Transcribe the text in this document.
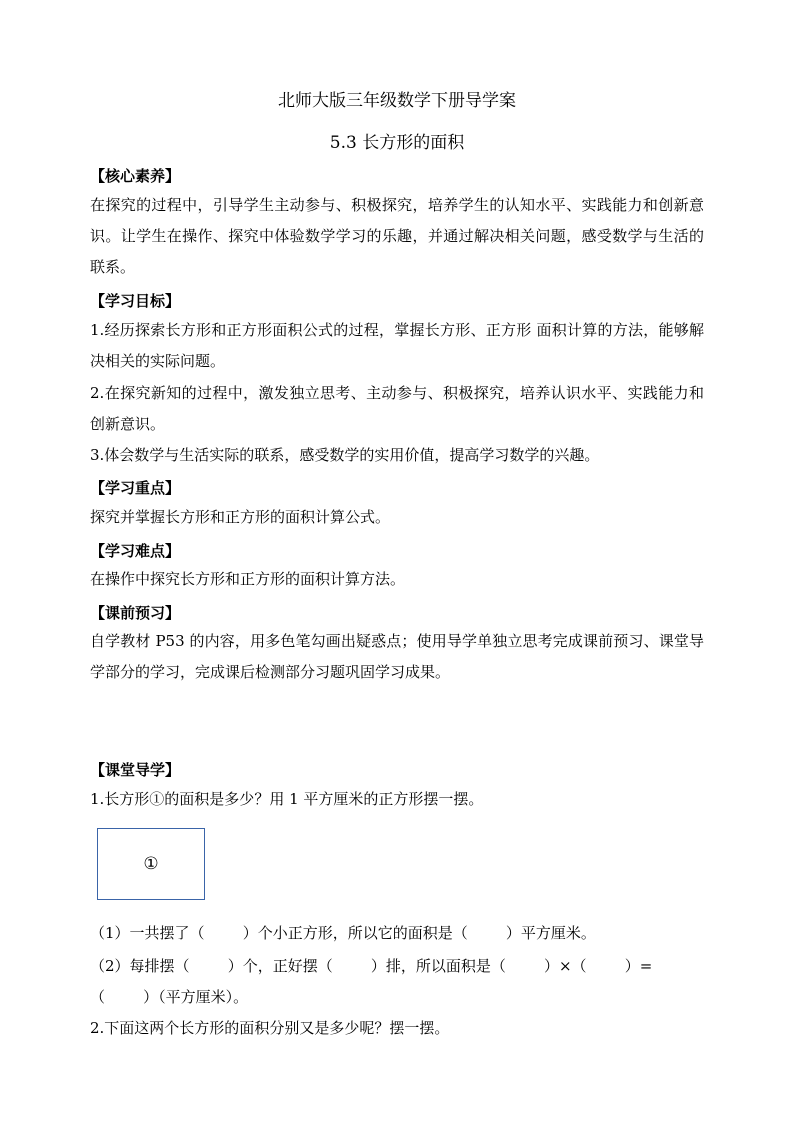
北师大版三年级数学下册导学案
5.3 长方形的面积
【核心素养】
在探究的过程中，引导学生主动参与、积极探究，培养学生的认知水平、实践能力和创新意识。让学生在操作、探究中体验数学学习的乐趣，并通过解决相关问题，感受数学与生活的联系。
【学习目标】
1.经历探索长方形和正方形面积公式的过程，掌握长方形、正方形 面积计算的方法，能够解决相关的实际问题。
2.在探究新知的过程中，激发独立思考、主动参与、积极探究，培养认识水平、实践能力和创新意识。
3.体会数学与生活实际的联系，感受数学的实用价值，提高学习数学的兴趣。
【学习重点】
探究并掌握长方形和正方形的面积计算公式。
【学习难点】
在操作中探究长方形和正方形的面积计算方法。
【课前预习】
自学教材 P53 的内容，用多色笔勾画出疑惑点；使用导学单独立思考完成课前预习、课堂导学部分的学习，完成课后检测部分习题巩固学习成果。
【课堂导学】
1.长方形①的面积是多少？用 1 平方厘米的正方形摆一摆。
①
（1）一共摆了（        ）个小正方形，所以它的面积是（        ）平方厘米。
（2）每排摆（        ）个，正好摆（        ）排，所以面积是（        ）×（        ）=
（        ）（平方厘米）。
2.下面这两个长方形的面积分别又是多少呢？摆一摆。
